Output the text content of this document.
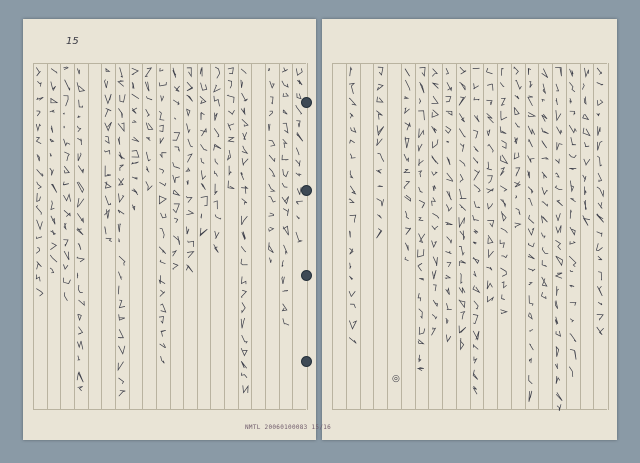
15
◎
NMTL 20060100083 15/16
